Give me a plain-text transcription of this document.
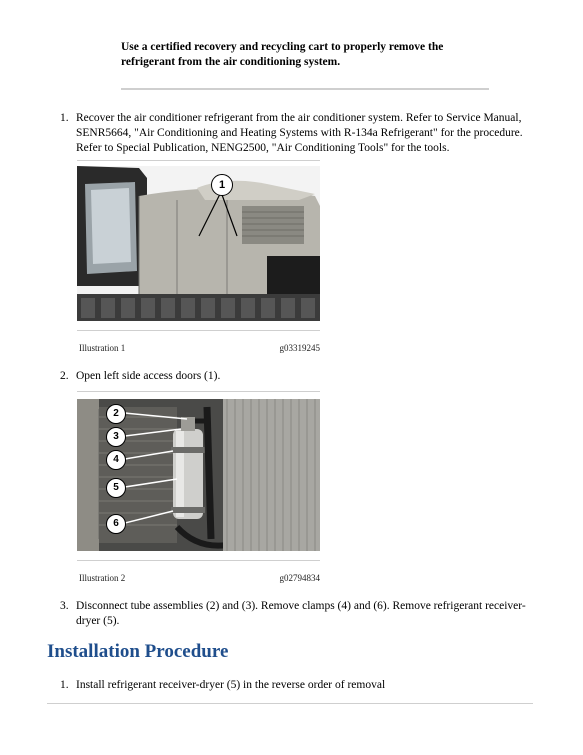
Use a certified recovery and recycling cart to properly remove the refrigerant from the air conditioning system.
1. Recover the air conditioner refrigerant from the air conditioner system. Refer to Service Manual, SENR5664, "Air Conditioning and Heating Systems with R-134a Refrigerant" for the procedure. Refer to Special Publication, NENG2500, "Air Conditioning Tools" for the tools.
1
Illustration 1	g03319245
2. Open left side access doors (1).
2
3
4
5
6
Illustration 2	g02794834
3. Disconnect tube assemblies (2) and (3). Remove clamps (4) and (6). Remove refrigerant receiver-dryer (5).
Installation Procedure
1. Install refrigerant receiver-dryer (5) in the reverse order of removal
